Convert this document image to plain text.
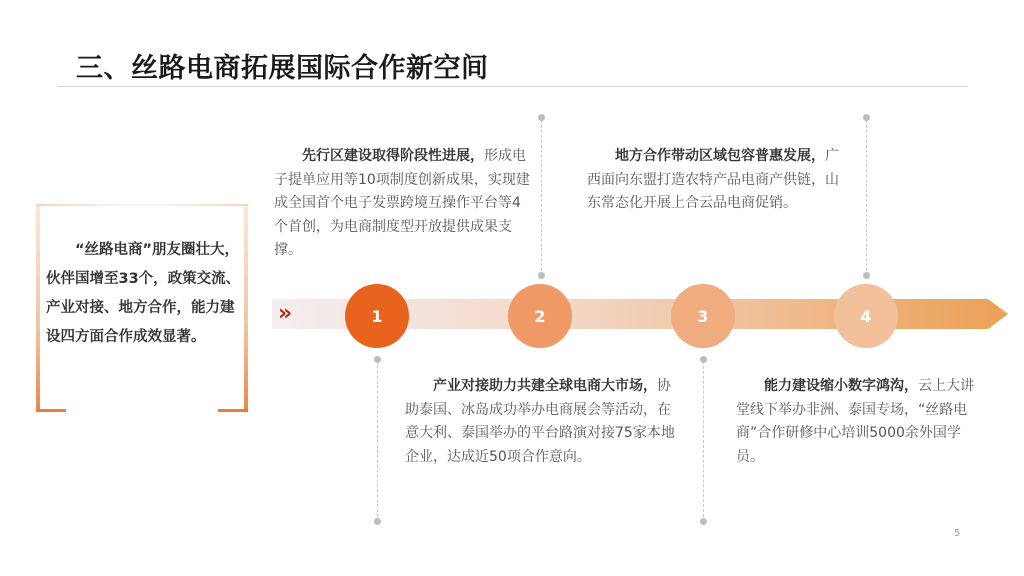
三、丝路电商拓展国际合作新空间
“丝路电商”朋友圈壮大，伙伴国增至33个，政策交流、产业对接、地方合作，能力建设四方面合作成效显著。
»	1	2	3	4
先行区建设取得阶段性进展，形成电子提单应用等10项制度创新成果，实现建成全国首个电子发票跨境互操作平台等4个首创，为电商制度型开放提供成果支撑。
产业对接助力共建全球电商大市场，协助泰国、冰岛成功举办电商展会等活动，在意大利、泰国举办的平台路演对接75家本地企业，达成近50项合作意向。
地方合作带动区域包容普惠发展，广西面向东盟打造农特产品电商产供链，山东常态化开展上合云品电商促销。
能力建设缩小数字鸿沟，云上大讲堂线下举办非洲、泰国专场，“丝路电商”合作研修中心培训5000余外国学员。
5
